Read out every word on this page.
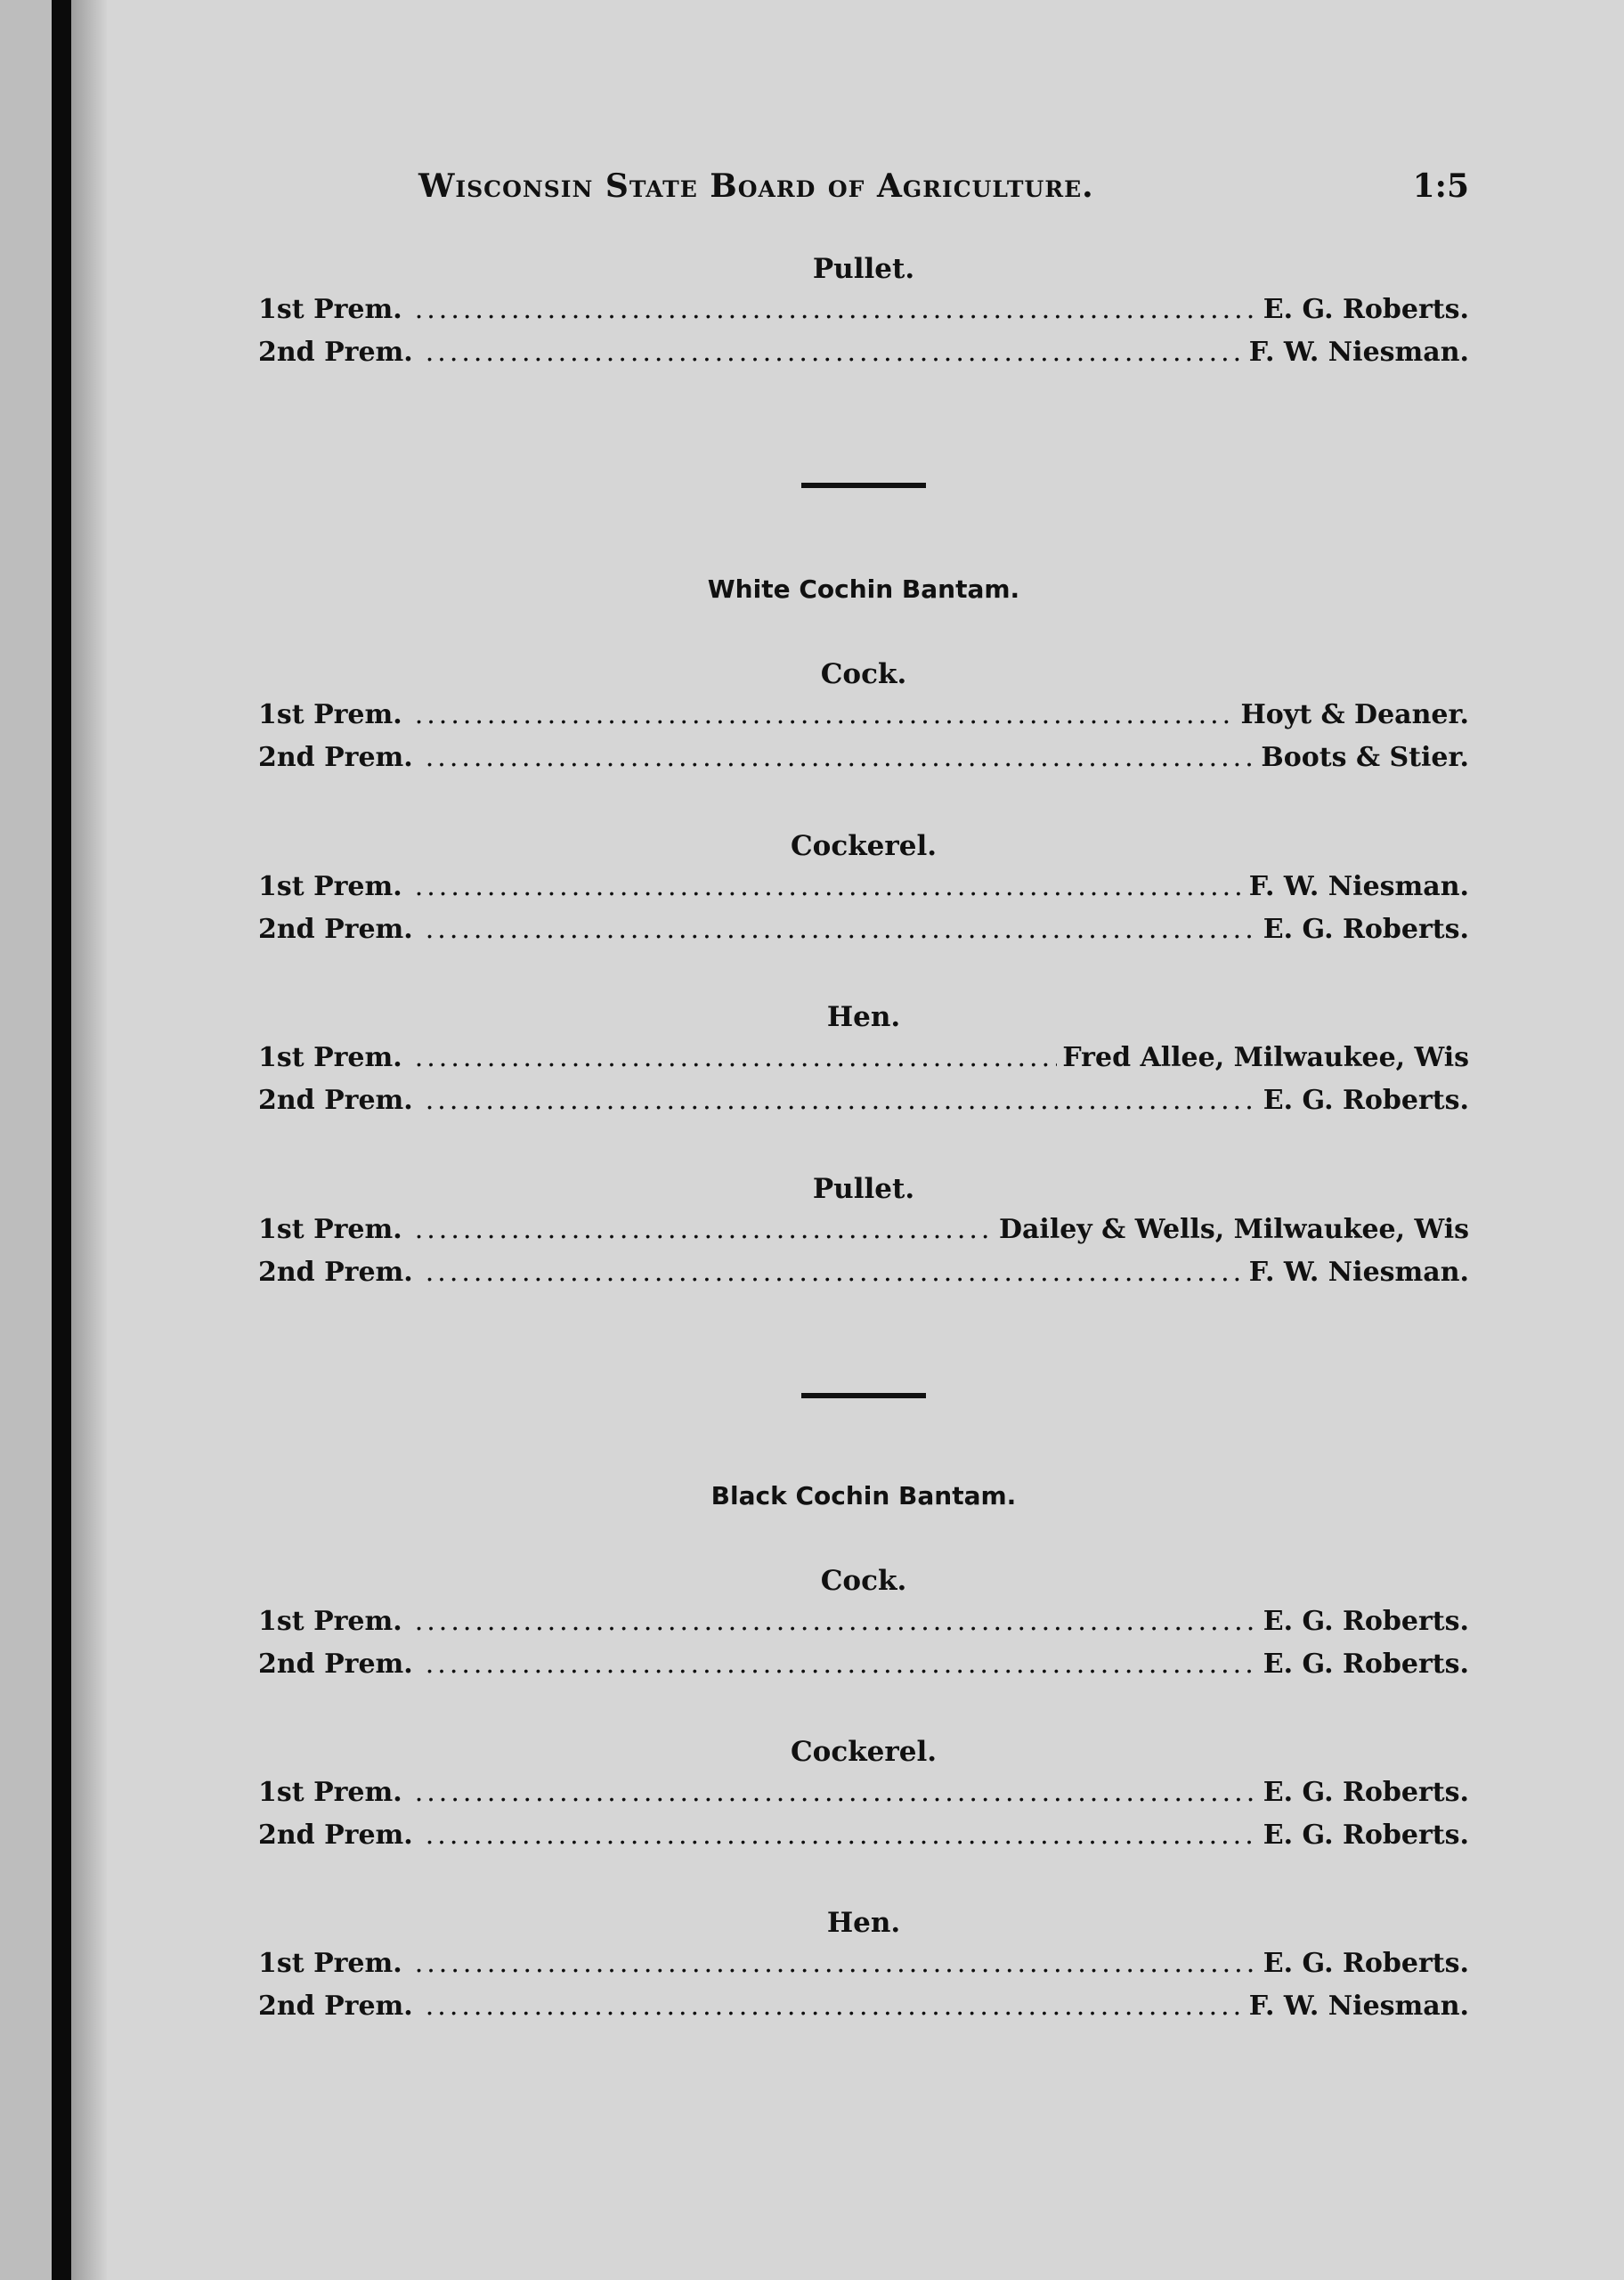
Wisconsin State Board of Agriculture.	1:5
Pullet.
1st Prem. .....	E. G. Roberts.
2nd Prem. .....	F. W. Niesman.
White Cochin Bantam.
Cock.
1st Prem. .....	Hoyt & Deaner.
2nd Prem. .....	Boots & Stier.
Cockerel.
1st Prem. .....	F. W. Niesman.
2nd Prem. .....	E. G. Roberts.
Hen.
1st Prem. .....	Fred Allee, Milwaukee, Wis
2nd Prem. .....	E. G. Roberts.
Pullet.
1st Prem. .....	Dailey & Wells, Milwaukee, Wis
2nd Prem. .....	F. W. Niesman.
Black Cochin Bantam.
Cock.
1st Prem. .....	E. G. Roberts.
2nd Prem. .....	E. G. Roberts.
Cockerel.
1st Prem. .....	E. G. Roberts.
2nd Prem. .....	E. G. Roberts.
Hen.
1st Prem. .....	E. G. Roberts.
2nd Prem. .....	F. W. Niesman.
